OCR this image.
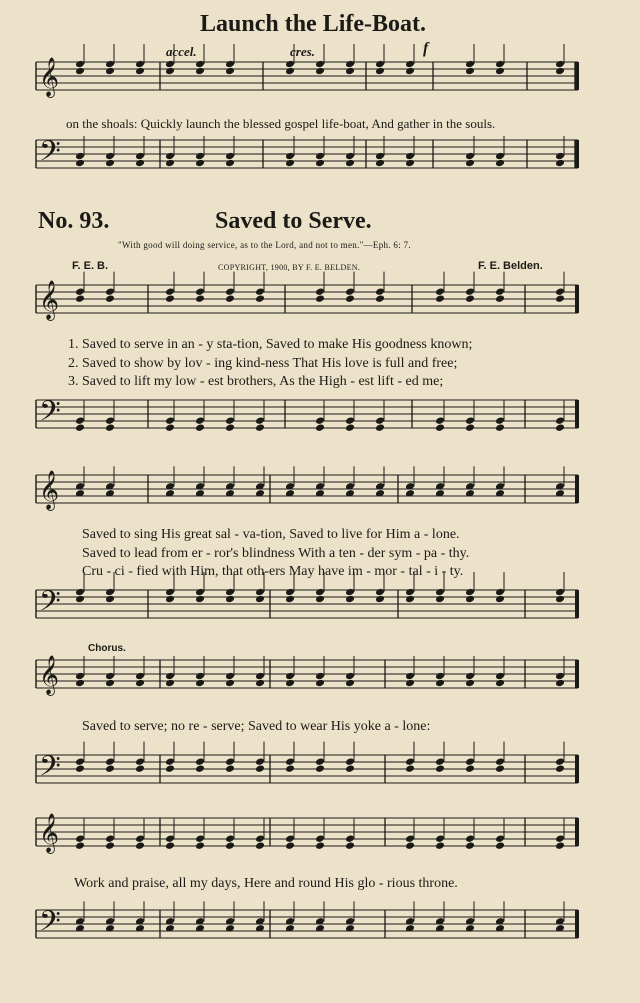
𝄞
𝄢
𝄞
𝄢
𝄞
𝄢
𝄞
𝄢
𝄞
𝄢
Launch the Life-Boat.
accel.	cres.	f
on the shoals: Quickly launch the blessed gospel life-boat, And gather in the souls.
No. 93.	Saved to Serve.
"With good will doing service, as to the Lord, and not to men."—Eph. 6: 7.
F. E. B.	COPYRIGHT, 1900, BY F. E. BELDEN.	F. E. Belden.
1. Saved to serve in an - y sta-tion, Saved to make His goodness known;
2. Saved to show by lov - ing kind-ness That His love is full and free;
3. Saved to lift my low - est brothers, As the High - est lift - ed me;
Saved to sing His great sal - va-tion, Saved to live for Him a - lone.
Saved to lead from er - ror's blindness With a ten - der sym - pa - thy.
Cru - ci - fied with Him, that oth-ers May have im - mor - tal - i - ty.
Chorus.
Saved to serve; no re - serve; Saved to wear His yoke a - lone:
Work and praise, all my days, Here and round His glo - rious throne.
